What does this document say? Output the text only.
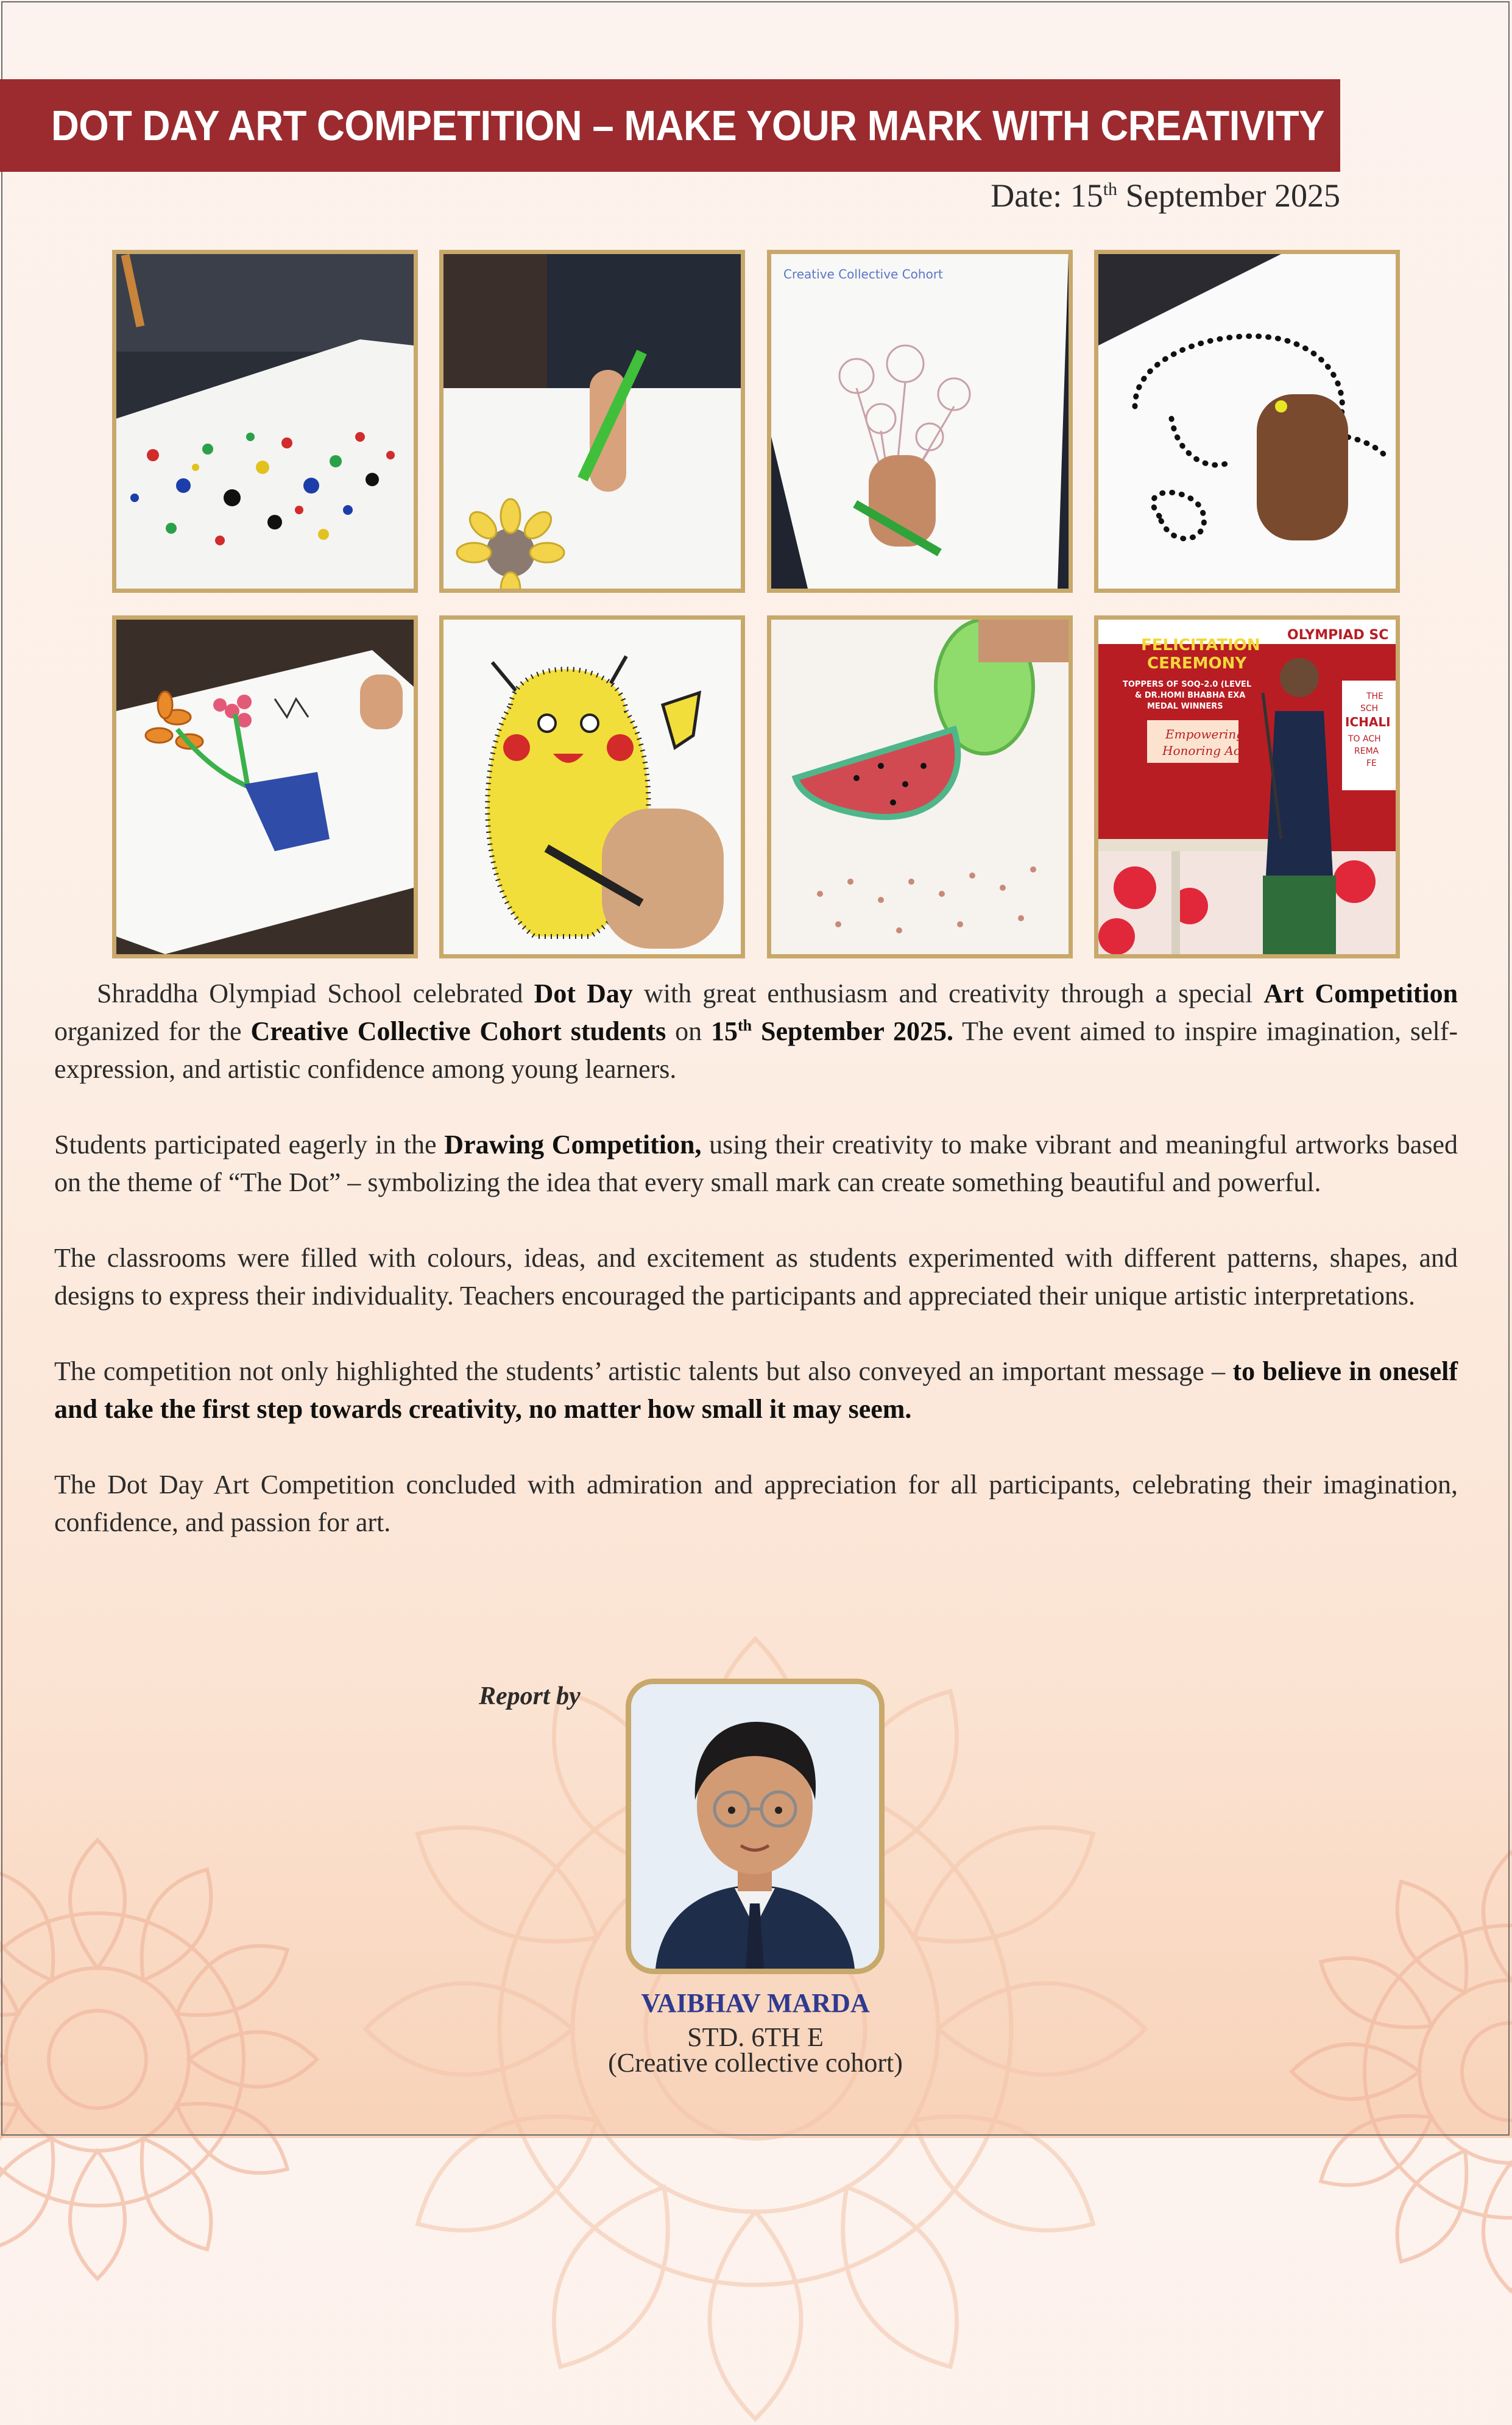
DOT DAY ART COMPETITION – MAKE YOUR MARK WITH CREATIVITY
Date: 15th September 2025
Creative Collective Cohort
OLYMPIAD SC
FELICITATION
CEREMONY
TOPPERS OF SOQ-2.0 (LEVEL
& DR.HOMI BHABHA EXA
MEDAL WINNERS
Empowering
Honoring Ac
THE
SCH
ICHALI
TO ACH
REMA
FE

Shraddha Olympiad School celebrated Dot Day with great enthusiasm and creativity through a special Art Competition organized for the Creative Collective Cohort students on 15th September 2025. The event aimed to inspire imagination, self-expression, and artistic confidence among young learners.

Students participated eagerly in the Drawing Competition, using their creativity to make vibrant and meaningful artworks based on the theme of “The Dot” – symbolizing the idea that every small mark can create something beautiful and powerful.

The classrooms were filled with colours, ideas, and excitement as students experimented with different patterns, shapes, and designs to express their individuality. Teachers encouraged the participants and appreciated their unique artistic interpretations.

The competition not only highlighted the students’ artistic talents but also conveyed an important message – to believe in oneself and take the first step towards creativity, no matter how small it may seem.

The Dot Day Art Competition concluded with admiration and appreciation for all participants, celebrating their imagination, confidence, and passion for art.

Report by
VAIBHAV MARDA
STD. 6TH E
(Creative collective cohort)
